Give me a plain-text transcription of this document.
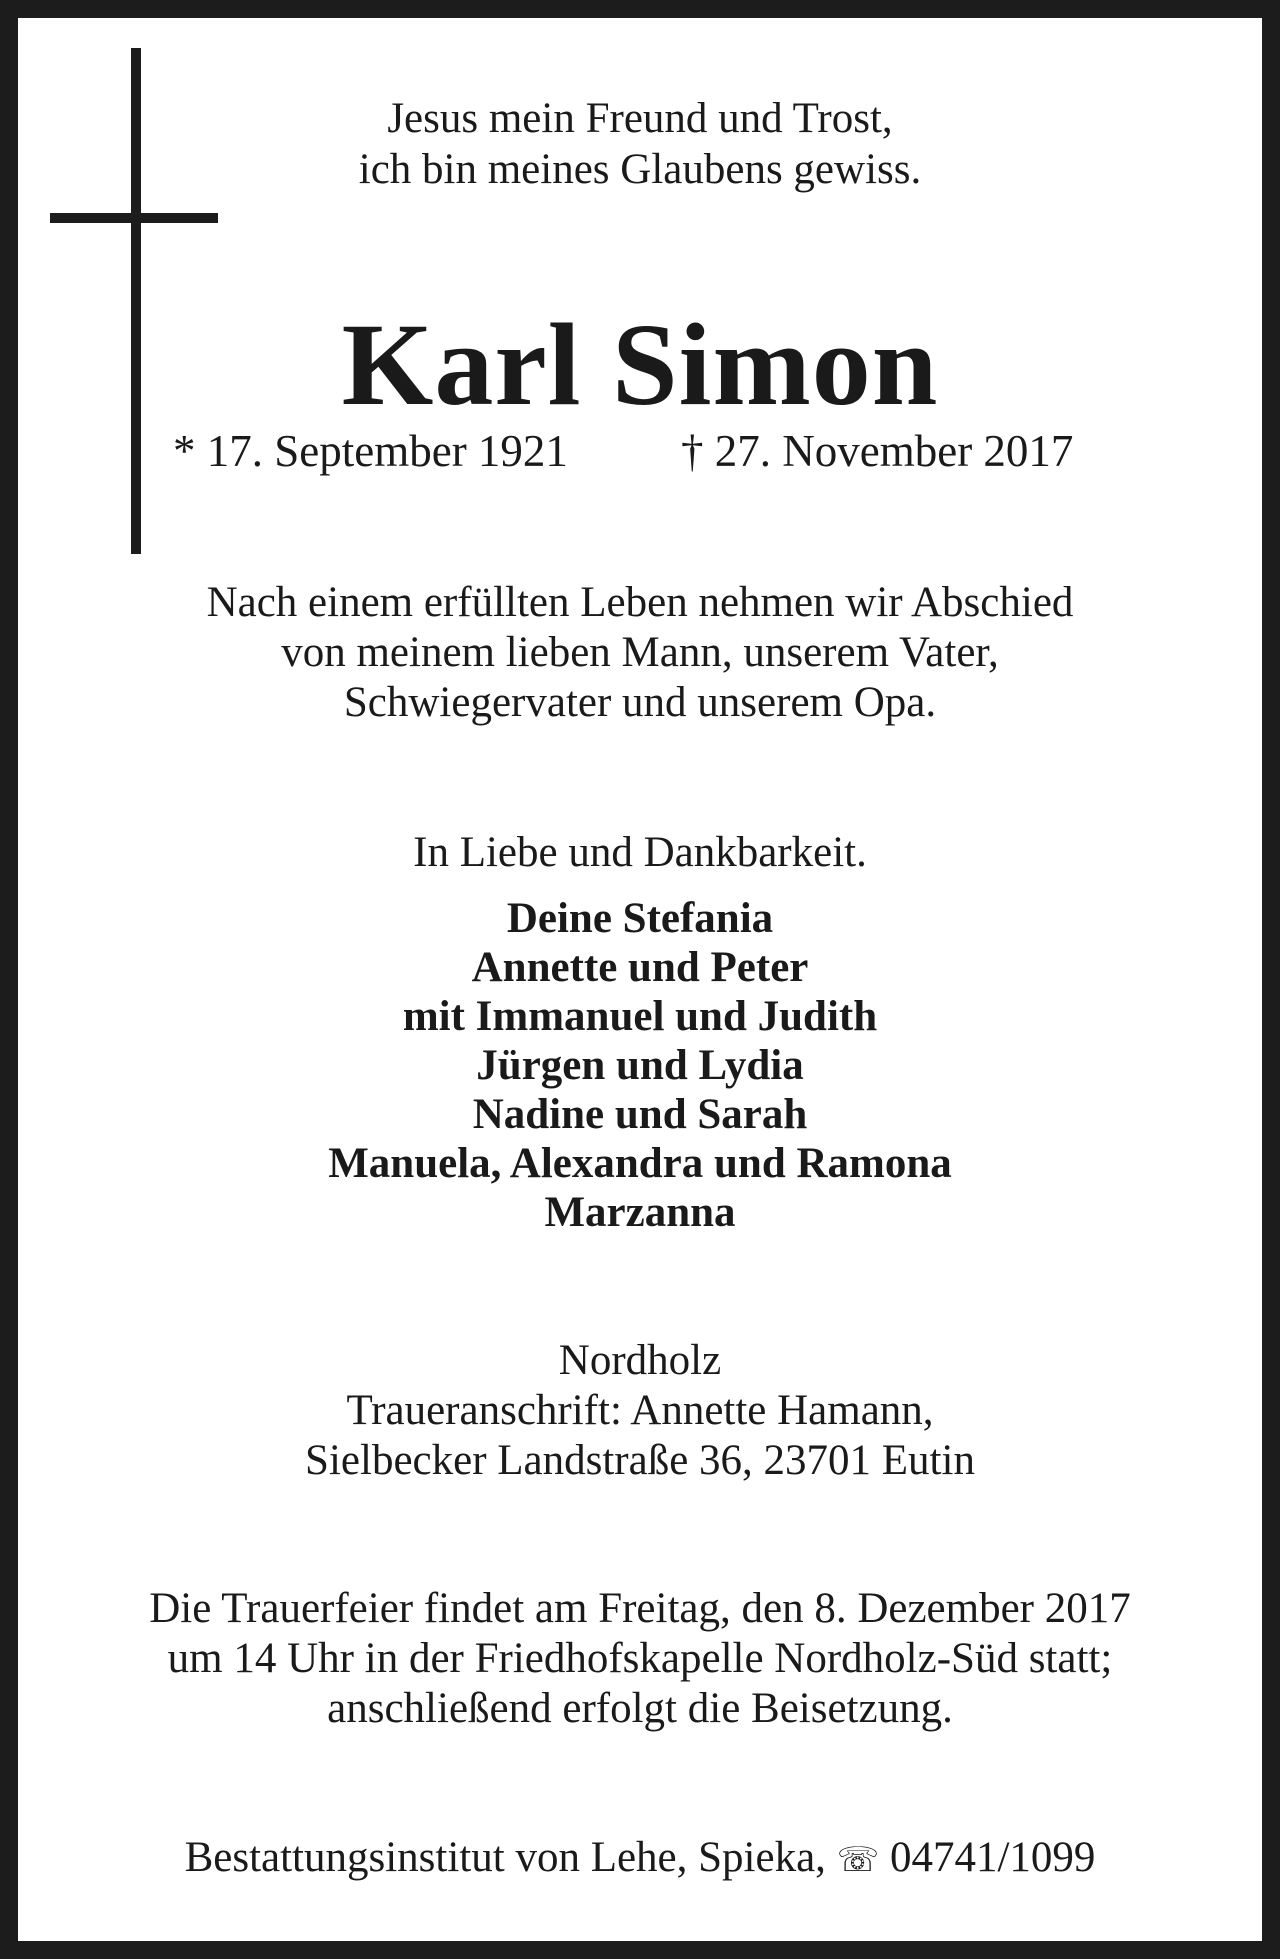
Jesus mein Freund und Trost,
ich bin meines Glaubens gewiss.
Karl Simon
* 17. September 1921	† 27. November 2017
Nach einem erfüllten Leben nehmen wir Abschied
von meinem lieben Mann, unserem Vater,
Schwiegervater und unserem Opa.
In Liebe und Dankbarkeit.
Deine Stefania
Annette und Peter
mit Immanuel und Judith
Jürgen und Lydia
Nadine und Sarah
Manuela, Alexandra und Ramona
Marzanna
Nordholz
Traueranschrift: Annette Hamann,
Sielbecker Landstraße 36, 23701 Eutin
Die Trauerfeier findet am Freitag, den 8. Dezember 2017
um 14 Uhr in der Friedhofskapelle Nordholz-Süd statt;
anschließend erfolgt die Beisetzung.
Bestattungsinstitut von Lehe, Spieka, ☏ 04741/1099
